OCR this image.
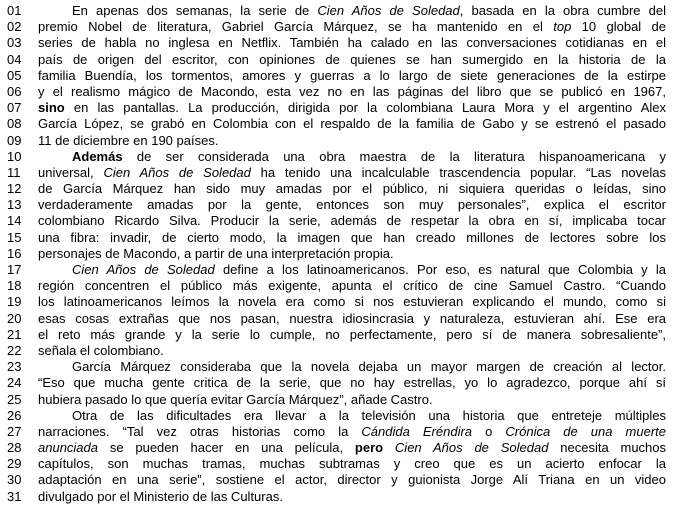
01	En apenas dos semanas, la serie de Cien Años de Soledad, basada en la obra cumbre del
02	premio Nobel de literatura, Gabriel García Márquez, se ha mantenido en el top 10 global de
03	series de habla no inglesa en Netflix. También ha calado en las conversaciones cotidianas en el
04	país de origen del escritor, con opiniones de quienes se han sumergido en la historia de la
05	familia Buendía, los tormentos, amores y guerras a lo largo de siete generaciones de la estirpe
06	y el realismo mágico de Macondo, esta vez no en las páginas del libro que se publicó en 1967,
07	sino en las pantallas. La producción, dirigida por la colombiana Laura Mora y el argentino Alex
08	García López, se grabó en Colombia con el respaldo de la familia de Gabo y se estrenó el pasado
09	11 de diciembre en 190 países.
10	Además de ser considerada una obra maestra de la literatura hispanoamericana y
11	universal, Cien Años de Soledad ha tenido una incalculable trascendencia popular. “Las novelas
12	de García Márquez han sido muy amadas por el público, ni siquiera queridas o leídas, sino
13	verdaderamente amadas por la gente, entonces son muy personales”, explica el escritor
14	colombiano Ricardo Silva. Producir la serie, además de respetar la obra en sí, implicaba tocar
15	una fibra: invadir, de cierto modo, la imagen que han creado millones de lectores sobre los
16	personajes de Macondo, a partir de una interpretación propia.
17	Cien Años de Soledad define a los latinoamericanos. Por eso, es natural que Colombia y la
18	región concentren el público más exigente, apunta el crítico de cine Samuel Castro. “Cuando
19	los latinoamericanos leímos la novela era como si nos estuvieran explicando el mundo, como si
20	esas cosas extrañas que nos pasan, nuestra idiosincrasia y naturaleza, estuvieran ahí. Ese era
21	el reto más grande y la serie lo cumple, no perfectamente, pero sí de manera sobresaliente”,
22	señala el colombiano.
23	García Márquez consideraba que la novela dejaba un mayor margen de creación al lector.
24	“Eso que mucha gente critica de la serie, que no hay estrellas, yo lo agradezco, porque ahí sí
25	hubiera pasado lo que quería evitar García Márquez”, añade Castro.
26	Otra de las dificultades era llevar a la televisión una historia que entreteje múltiples
27	narraciones. “Tal vez otras historias como la Cándida Eréndira o Crónica de una muerte
28	anunciada se pueden hacer en una película, pero Cien Años de Soledad necesita muchos
29	capítulos, son muchas tramas, muchas subtramas y creo que es un acierto enfocar la
30	adaptación en una serie”, sostiene el actor, director y guionista Jorge Alí Triana en un video
31	divulgado por el Ministerio de las Culturas.
